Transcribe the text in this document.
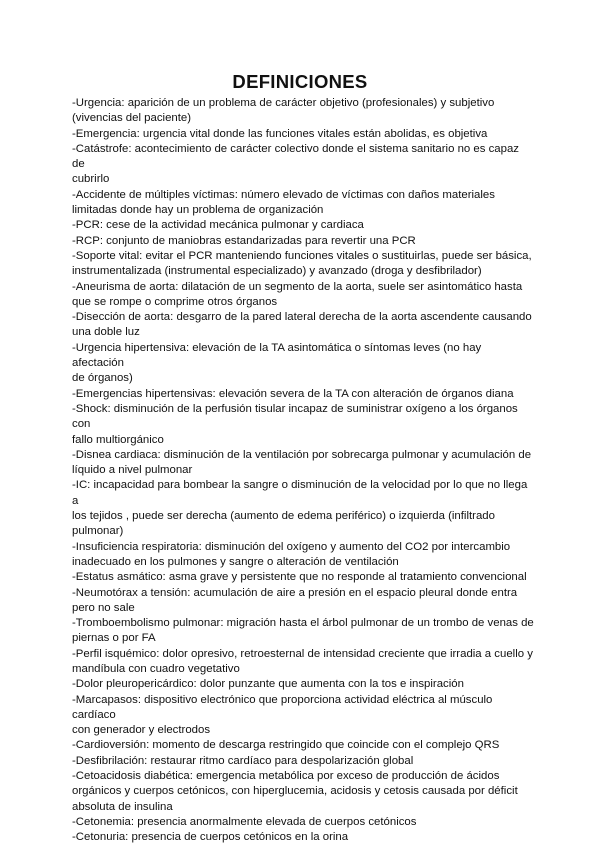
DEFINICIONES
-Urgencia: aparición de un problema de carácter objetivo (profesionales) y subjetivo
(vivencias del paciente)
-Emergencia: urgencia vital donde las funciones vitales están abolidas, es objetiva
-Catástrofe: acontecimiento de carácter colectivo donde el sistema sanitario no es capaz de
cubrirlo
-Accidente de múltiples víctimas: número elevado de víctimas con daños materiales
limitadas donde hay un problema de organización
-PCR: cese de la actividad mecánica pulmonar y cardiaca
-RCP: conjunto de maniobras estandarizadas para revertir una PCR
-Soporte vital: evitar el PCR manteniendo funciones vitales o sustituirlas, puede ser básica,
instrumentalizada (instrumental especializado) y avanzado (droga y desfibrilador)
-Aneurisma de aorta: dilatación de un segmento de la aorta, suele ser asintomático hasta
que se rompe o comprime otros órganos
-Disección de aorta: desgarro de la pared lateral derecha de la aorta ascendente causando
una doble luz
-Urgencia hipertensiva: elevación de la TA asintomática o síntomas leves (no hay afectación
de órganos)
-Emergencias hipertensivas: elevación severa de la TA con alteración de órganos diana
-Shock: disminución de la perfusión tisular incapaz de suministrar oxígeno a los órganos con
fallo multiorgánico
-Disnea cardiaca: disminución de la ventilación por sobrecarga pulmonar y acumulación de
líquido a nivel pulmonar
-IC: incapacidad para bombear la sangre o disminución de la velocidad por lo que no llega a
los tejidos , puede ser derecha (aumento de edema periférico) o izquierda (infiltrado
pulmonar)
-Insuficiencia respiratoria: disminución del oxígeno y aumento del CO2 por intercambio
inadecuado en los pulmones y sangre o alteración de ventilación
-Estatus asmático: asma grave y persistente que no responde al tratamiento convencional
-Neumotórax a tensión: acumulación de aire a presión en el espacio pleural donde entra
pero no sale
-Tromboembolismo pulmonar: migración hasta el árbol pulmonar de un trombo de venas de
piernas o por FA
-Perfil isquémico: dolor opresivo, retroesternal de intensidad creciente que irradia a cuello y
mandíbula con cuadro vegetativo
-Dolor pleuropericárdico: dolor punzante que aumenta con la tos e inspiración
-Marcapasos: dispositivo electrónico que proporciona actividad eléctrica al músculo cardíaco
con generador y electrodos
-Cardioversión: momento de descarga restringido que coincide con el complejo QRS
-Desfibrilación: restaurar ritmo cardíaco para despolarización global
-Cetoacidosis diabética: emergencia metabólica por exceso de producción de ácidos
orgánicos y cuerpos cetónicos, con hiperglucemia, acidosis y cetosis causada por déficit
absoluta de insulina
-Cetonemia: presencia anormalmente elevada de cuerpos cetónicos
-Cetonuria: presencia de cuerpos cetónicos en la orina
